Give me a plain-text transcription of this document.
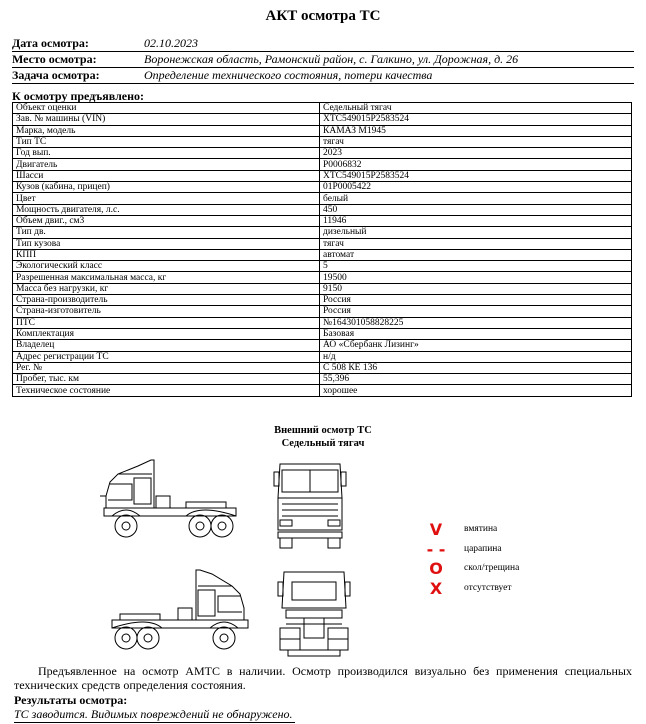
АКТ осмотра ТС
Дата осмотра:	02.10.2023
Место осмотра:	Воронежская область, Рамонский район, с. Галкино, ул. Дорожная, д. 26
Задача осмотра:	Определение технического состояния, потери качества
К осмотру предъявлено:
Объект оценки	Седельный тягач
Зав. № машины (VIN)	XTC549015P2583524
Марка, модель	КАМАЗ M1945
Тип ТС	тягач
Год вып.	2023
Двигатель	P0006832
Шасси	XTC549015P2583524
Кузов (кабина, прицеп)	01P0005422
Цвет	белый
Мощность двигателя, л.с.	450
Объем двиг., см3	11946
Тип дв.	дизельный
Тип кузова	тягач
КПП	автомат
Экологический класс	5
Разрешенная максимальная масса, кг	19500
Масса без нагрузки, кг	9150
Страна-производитель	Россия
Страна-изготовитель	Россия
ПТС	№164301058828225
Комплектация	Базовая
Владелец	АО «Сбербанк Лизинг»
Адрес регистрации ТС	н/д
Рег. №	С 508 КЕ 136
Пробег, тыс. км	55,396
Техническое состояние	хорошее
Внешний осмотр ТС
Седельный тягач
V	вмятина
- - царапина
O	скол/трещина
X	отсутствует
Предъявленное на осмотр АМТС в наличии. Осмотр производился визуально без применения специальных технических средств определения состояния.
Результаты осмотра:
ТС заводится. Видимых повреждений не обнаружено.
